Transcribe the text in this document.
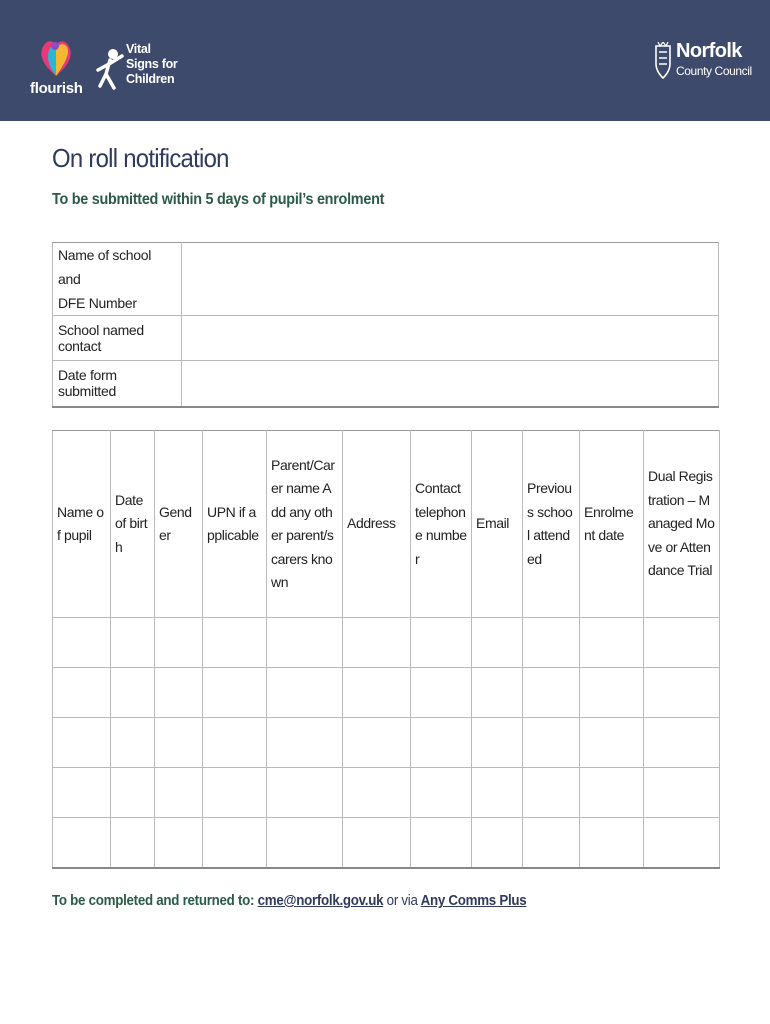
flourish
Vital
Signs for
Children
Norfolk
County Council
On roll notification

To be submitted within 5 days of pupil’s enrolment

Name of school and
DFE Number	

School named contact	
Date form submitted	
Name of pupil	Date of birth	Gender	UPN if applicable	Parent/Carer name Add any other parent/s carers known	Address	Contact telephone number	Email	Previous school attended	Enrolment date	Dual Registration – Managed Move or Attendance Trial

To be completed and returned to: cme@norfolk.gov.uk or via Any Comms Plus
